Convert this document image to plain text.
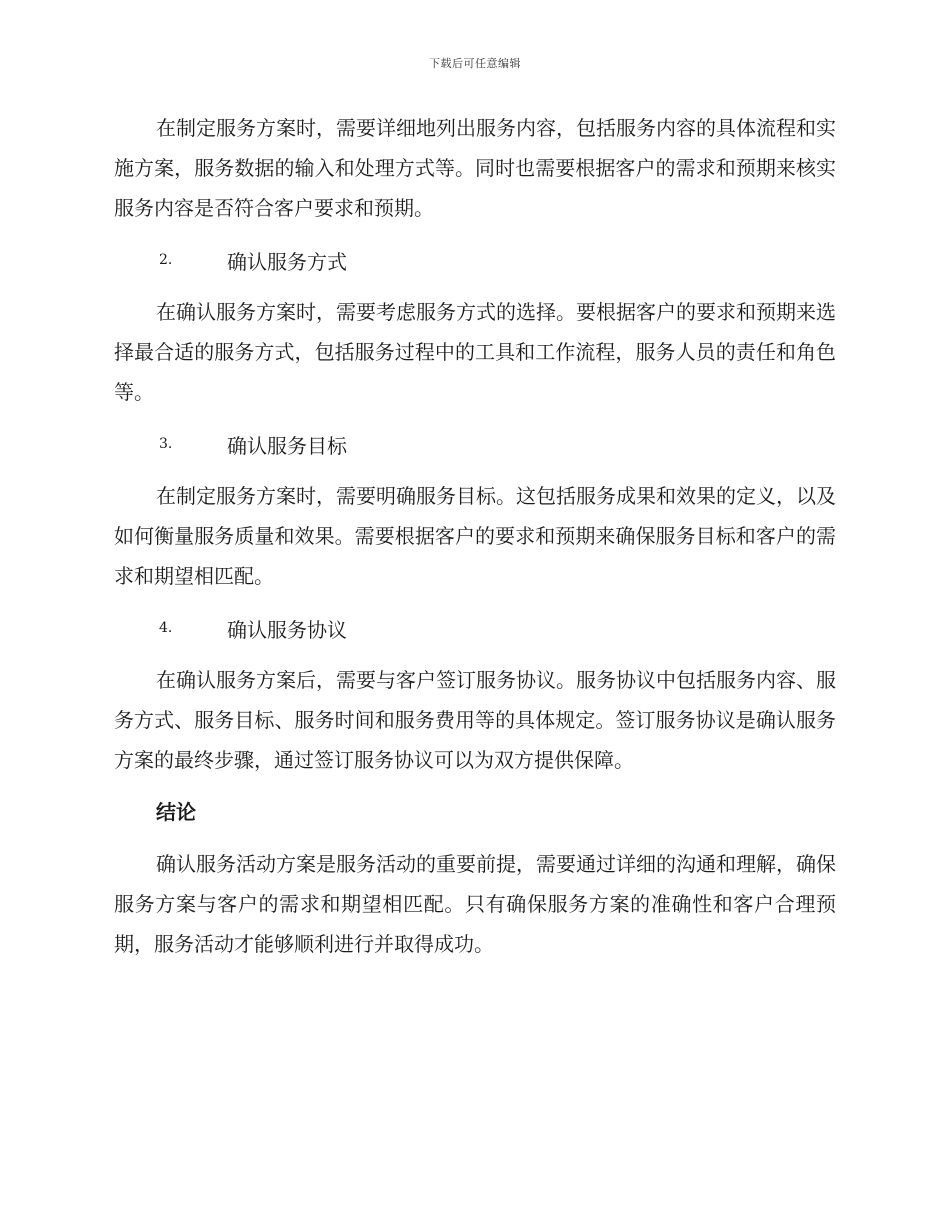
下载后可任意编辑

在制定服务方案时，需要详细地列出服务内容，包括服务内容的具体流程和实施方案，服务数据的输入和处理方式等。同时也需要根据客户的需求和预期来核实服务内容是否符合客户要求和预期。

2.	确认服务方式

在确认服务方案时，需要考虑服务方式的选择。要根据客户的要求和预期来选择最合适的服务方式，包括服务过程中的工具和工作流程，服务人员的责任和角色等。

3.	确认服务目标

在制定服务方案时，需要明确服务目标。这包括服务成果和效果的定义，以及如何衡量服务质量和效果。需要根据客户的要求和预期来确保服务目标和客户的需求和期望相匹配。

4.	确认服务协议

在确认服务方案后，需要与客户签订服务协议。服务协议中包括服务内容、服务方式、服务目标、服务时间和服务费用等的具体规定。签订服务协议是确认服务方案的最终步骤，通过签订服务协议可以为双方提供保障。

结论

确认服务活动方案是服务活动的重要前提，需要通过详细的沟通和理解，确保服务方案与客户的需求和期望相匹配。只有确保服务方案的准确性和客户合理预期，服务活动才能够顺利进行并取得成功。
